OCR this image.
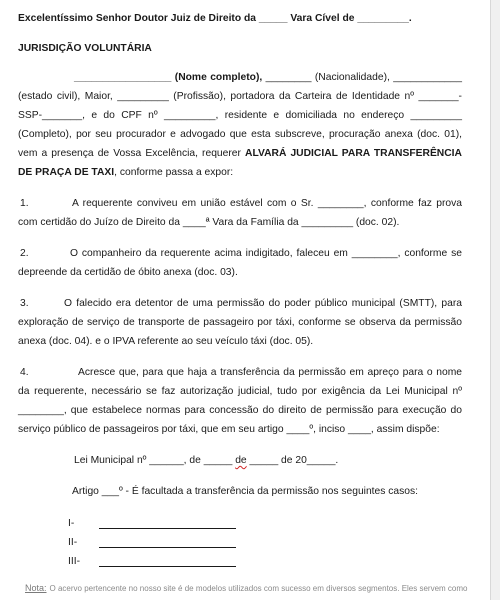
Excelentíssimo Senhor Doutor Juiz de Direito da _____ Vara Cível de _________.

JURISDIÇÃO VOLUNTÁRIA

_________________ (Nome completo), ________ (Nacionalidade), ____________ (estado civil), Maior, _________ (Profissão), portadora da Carteira de Identidade nº _______-SSP-_______, e do CPF nº _________, residente e domiciliada no endereço _________ (Completo), por seu procurador e advogado que esta subscreve, procuração anexa (doc. 01), vem a presença de Vossa Excelência, requerer ALVARÁ JUDICIAL PARA TRANSFERÊNCIA DE PRAÇA DE TAXI, conforme passa a expor:

1.	A requerente conviveu em união estável com o Sr. ________, conforme faz prova com certidão do Juízo de Direito da ____ª Vara da Família da _________ (doc. 02).

2.	O companheiro da requerente acima indigitado, faleceu em ________, conforme se depreende da certidão de óbito anexa (doc. 03).

3.	O falecido era detentor de uma permissão do poder público municipal (SMTT), para exploração de serviço de transporte de passageiro por táxi, conforme se observa da permissão anexa (doc. 04). e o IPVA referente ao seu veículo táxi (doc. 05).

4.	Acresce que, para que haja a transferência da permissão em apreço para o nome da requerente, necessário se faz autorização judicial, tudo por exigência da Lei Municipal nº ________, que estabelece normas para concessão do direito de permissão para execução do serviço público de passageiros por táxi, que em seu artigo ____º, inciso ____, assim dispõe:

Lei Municipal nº ______, de _____ de _____ de 20_____.
Artigo ___º - É facultada a transferência da permissão nos seguintes casos:
I-
II-
III-
Nota: O acervo pertencente no nosso site é de modelos utilizados com sucesso em diversos segmentos. Eles servem como
